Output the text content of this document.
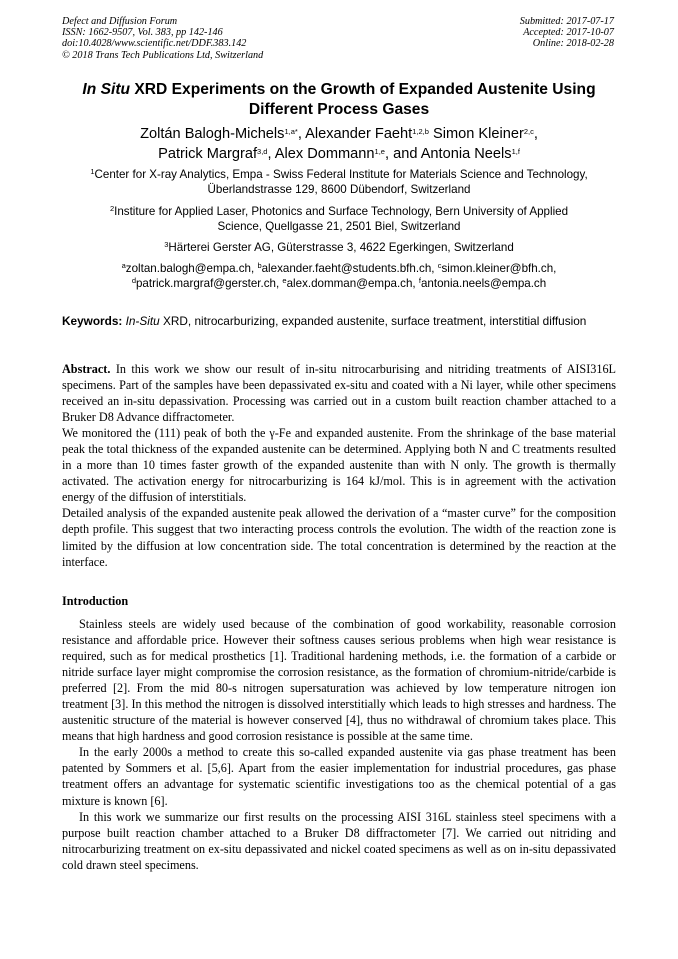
Defect and Diffusion Forum
ISSN: 1662-9507, Vol. 383, pp 142-146
doi:10.4028/www.scientific.net/DDF.383.142
© 2018 Trans Tech Publications Ltd, Switzerland
Submitted: 2017-07-17
Accepted: 2017-10-07
Online: 2018-02-28
In Situ XRD Experiments on the Growth of Expanded Austenite Using
Different Process Gases
Zoltán Balogh-Michels$^{1,a*}$, Alexander Faeht$^{1,2,b}$ Simon Kleiner$^{2,c}$,
Patrick Margraf$^{3,d}$, Alex Dommann$^{1,e}$, and Antonia Neels$^{1,f}$
$^1$Center for X-ray Analytics, Empa - Swiss Federal Institute for Materials Science and Technology,
Überlandstrasse 129, 8600 Dübendorf, Switzerland
$^2$Institure for Applied Laser, Photonics and Surface Technology, Bern University of Applied
Science, Quellgasse 21, 2501 Biel, Switzerland
$^3$Härterei Gerster AG, Güterstrasse 3, 4622 Egerkingen, Switzerland
$^a$zoltan.balogh@empa.ch, $^b$alexander.faeht@students.bfh.ch, $^c$simon.kleiner@bfh.ch,
$^d$patrick.margraf@gerster.ch, $^e$alex.domman@empa.ch, $^f$antonia.neels@empa.ch
Keywords: In-Situ XRD, nitrocarburizing, expanded austenite, surface treatment, interstitial diffusion

Abstract. In this work we show our result of in-situ nitrocarburising and nitriding treatments of AISI316L specimens. Part of the samples have been depassivated ex-situ and coated with a Ni layer, while other specimens received an in-situ depassivation. Processing was carried out in a custom built reaction chamber attached to a Bruker D8 Advance diffractometer.

We monitored the (111) peak of both the γ-Fe and expanded austenite. From the shrinkage of the base material peak the total thickness of the expanded austenite can be determined. Applying both N and C treatments resulted in a more than 10 times faster growth of the expanded austenite than with N only. The growth is thermally activated. The activation energy for nitrocarburizing is 164 kJ/mol. This is in agreement with the activation energy of the diffusion of interstitials.

Detailed analysis of the expanded austenite peak allowed the derivation of a “master curve” for the composition depth profile. This suggest that two interacting process controls the evolution. The width of the reaction zone is limited by the diffusion at low concentration side. The total concentration is determined by the reaction at the interface.

Introduction

Stainless steels are widely used because of the combination of good workability, reasonable corrosion resistance and affordable price. However their softness causes serious problems when high wear resistance is required, such as for medical prosthetics [1]. Traditional hardening methods, i.e. the formation of a carbide or nitride surface layer might compromise the corrosion resistance, as the formation of chromium-nitride/carbide is preferred [2]. From the mid 80-s nitrogen supersaturation was achieved by low temperature nitrogen ion treatment [3]. In this method the nitrogen is dissolved interstitially which leads to high stresses and hardness. The austenitic structure of the material is however conserved [4], thus no withdrawal of chromium takes place. This means that high hardness and good corrosion resistance is possible at the same time.

In the early 2000s a method to create this so-called expanded austenite via gas phase treatment has been patented by Sommers et al. [5,6]. Apart from the easier implementation for industrial procedures, gas phase treatment offers an advantage for systematic scientific investigations too as the chemical potential of a gas mixture is known [6].

In this work we summarize our first results on the processing AISI 316L stainless steel specimens with a purpose built reaction chamber attached to a Bruker D8 diffractometer [7]. We carried out nitriding and nitrocarburizing treatment on ex-situ depassivated and nickel coated specimens as well as on in-situ depassivated cold drawn steel specimens.
